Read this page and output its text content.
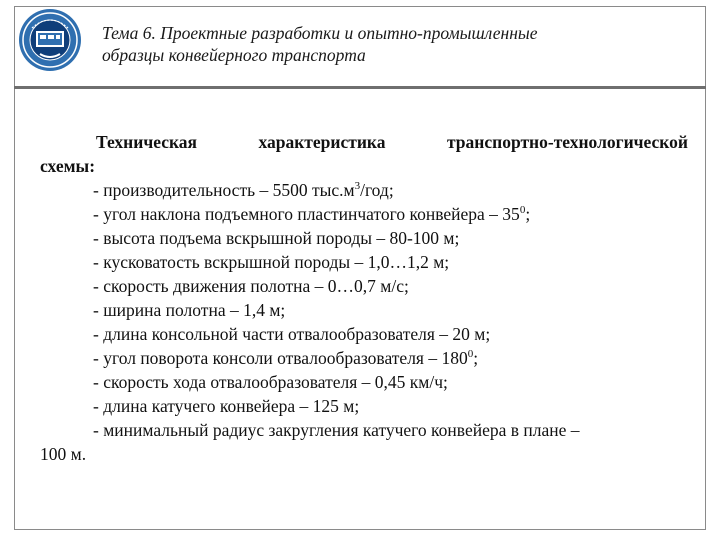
Тема 6. Проектные разработки и опытно-промышленные
образцы конвейерного транспорта
Техническая	характеристика	транспортно-технологической
схемы:
- производительность – 5500 $тыс.м^3$/год;
- угол наклона подъемного пластинчатого конвейера – $35^0$;
- высота подъема вскрышной породы – 80-100 м;
- кусковатость вскрышной породы – 1,0…1,2 м;
- скорость движения полотна – 0…0,7 м/с;
- ширина полотна – 1,4 м;
- длина консольной части отвалообразователя – 20 м;
- угол поворота консоли отвалообразователя – $180^0$;
- скорость хода отвалообразователя – 0,45 км/ч;
- длина катучего конвейера – 125 м;
- минимальный радиус закругления катучего конвейера в плане –
100 м.
